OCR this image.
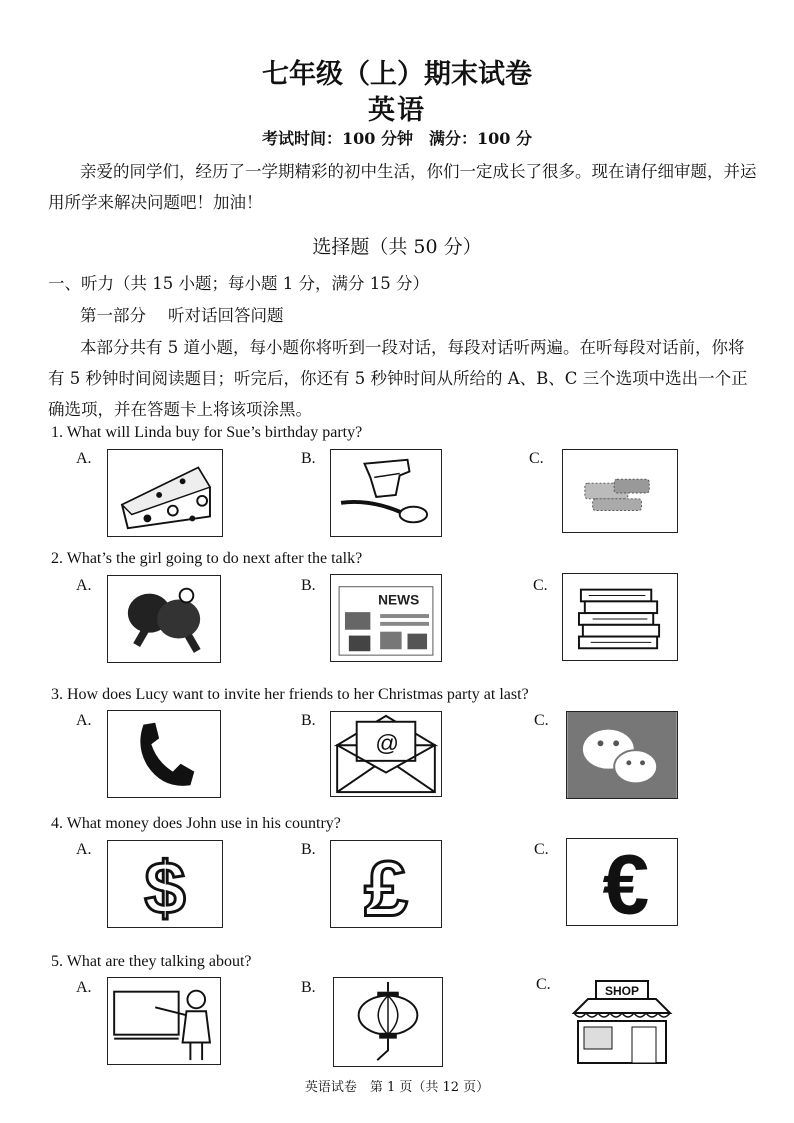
七年级（上）期末试卷
英语
考试时间：100 分钟　满分：100 分
亲爱的同学们，经历了一学期精彩的初中生活，你们一定成长了很多。现在请仔细审题，并运用所学来解决问题吧！加油！
选择题（共 50 分）
一、听力（共 15 小题；每小题 1 分，满分 15 分）
第一部分 听对话回答问题
本部分共有 5 道小题，每小题你将听到一段对话，每段对话听两遍。在听每段对话前，你将有 5 秒钟时间阅读题目；听完后，你还有 5 秒钟时间从所给的 A、B、C 三个选项中选出一个正确选项，并在答题卡上将该项涂黑。
1. What will Linda buy for Sue’s birthday party?
A.	B.	C.
2. What’s the girl going to do next after the talk?
A.	B.	C.
NEWS
3. How does Lucy want to invite her friends to her Christmas party at last?
A.	B.	C.
@
4. What money does John use in his country?
A.	B.	C.
$ £ €
5. What are they talking about?
A.	B.	C.	SHOP
英语试卷　第 1 页（共 12 页）
